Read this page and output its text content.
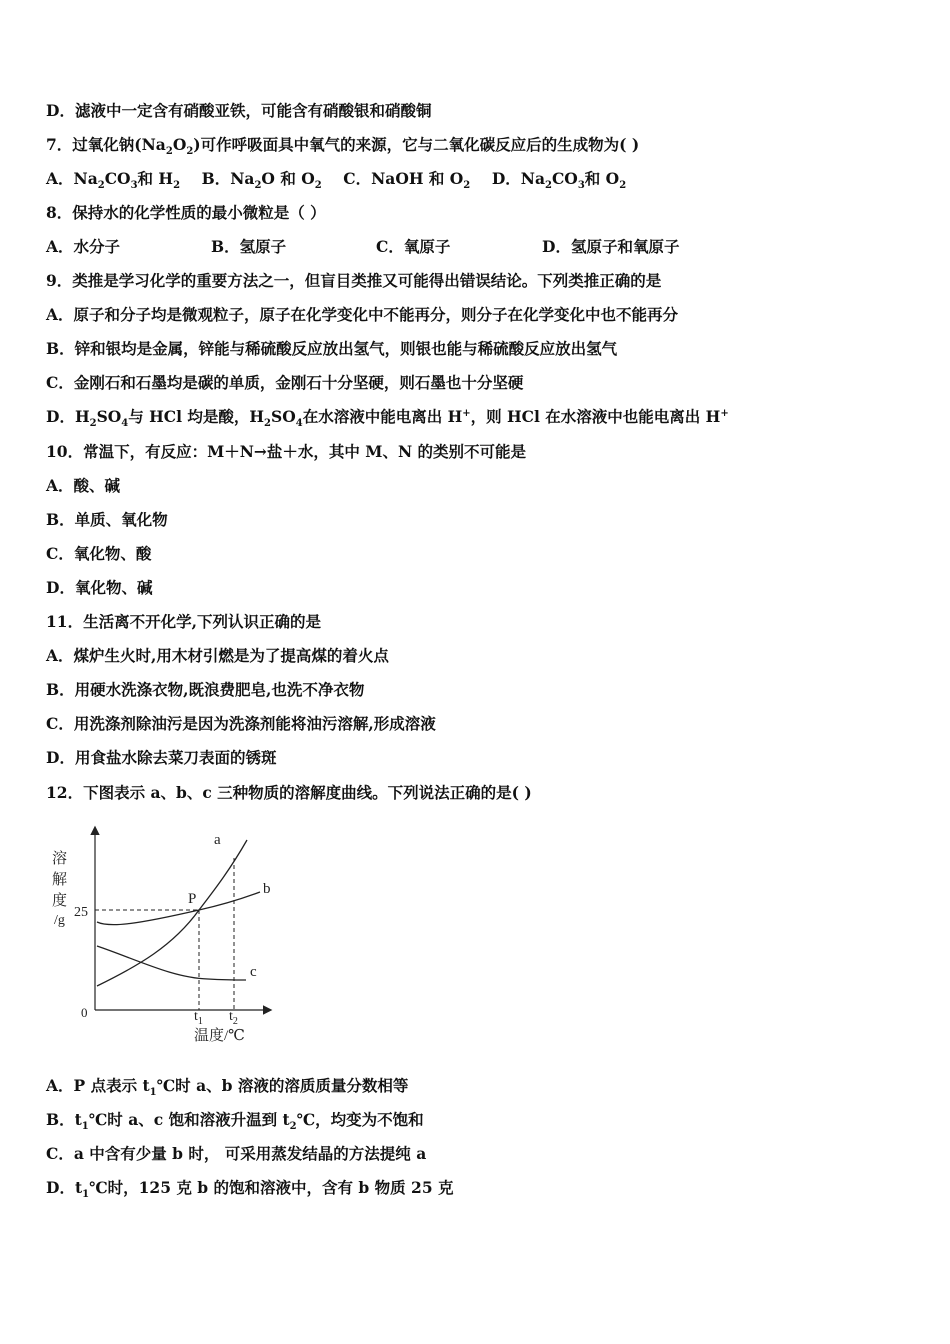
D．滤液中一定含有硝酸亚铁，可能含有硝酸银和硝酸铜
7．过氧化钠$(Na_2O_2)$可作呼吸面具中氧气的来源，它与二氧化碳反应后的生成物为( )
A．$Na_2CO_3$和 $H_2$ B．$Na_2O$ 和 $O_2$ C．NaOH 和 $O_2$ D．$Na_2CO_3$和 $O_2$
8．保持水的化学性质的最小微粒是（ ）
A．水分子	B．氢原子	C．氧原子	D．氢原子和氧原子
9．类推是学习化学的重要方法之一，但盲目类推又可能得出错误结论。下列类推正确的是
A．原子和分子均是微观粒子，原子在化学变化中不能再分，则分子在化学变化中也不能再分
B．锌和银均是金属，锌能与稀硫酸反应放出氢气，则银也能与稀硫酸反应放出氢气
C．金刚石和石墨均是碳的单质，金刚石十分坚硬，则石墨也十分坚硬
D．$H_2SO_4$与 HCl 均是酸，$H_2SO_4$在水溶液中能电离出 H+，则 HCl 在水溶液中也能电离出 H+
10．常温下，有反应：M＋N→盐＋水，其中 M、N 的类别不可能是
A．酸、碱
B．单质、氧化物
C．氧化物、酸
D．氧化物、碱
11．生活离不开化学,下列认识正确的是
A．煤炉生火时,用木材引燃是为了提高煤的着火点
B．用硬水洗涤衣物,既浪费肥皂,也洗不净衣物
C．用洗涤剂除油污是因为洗涤剂能将油污溶解,形成溶液
D．用食盐水除去菜刀表面的锈斑
12．下图表示 a、b、c 三种物质的溶解度曲线。下列说法正确的是( )
溶
解
度
/g
25
0
P
a
b
c
$t_1$ $t_2$
温度/℃
A．P 点表示 $t_1℃$时 a、b 溶液的溶质质量分数相等
B．$t_1℃$时 a、c 饱和溶液升温到 $t_2℃$，均变为不饱和
C．a 中含有少量 b 时， 可采用蒸发结晶的方法提纯 a
D．$t_1℃$时，125 克 b 的饱和溶液中，含有 b 物质 25 克
